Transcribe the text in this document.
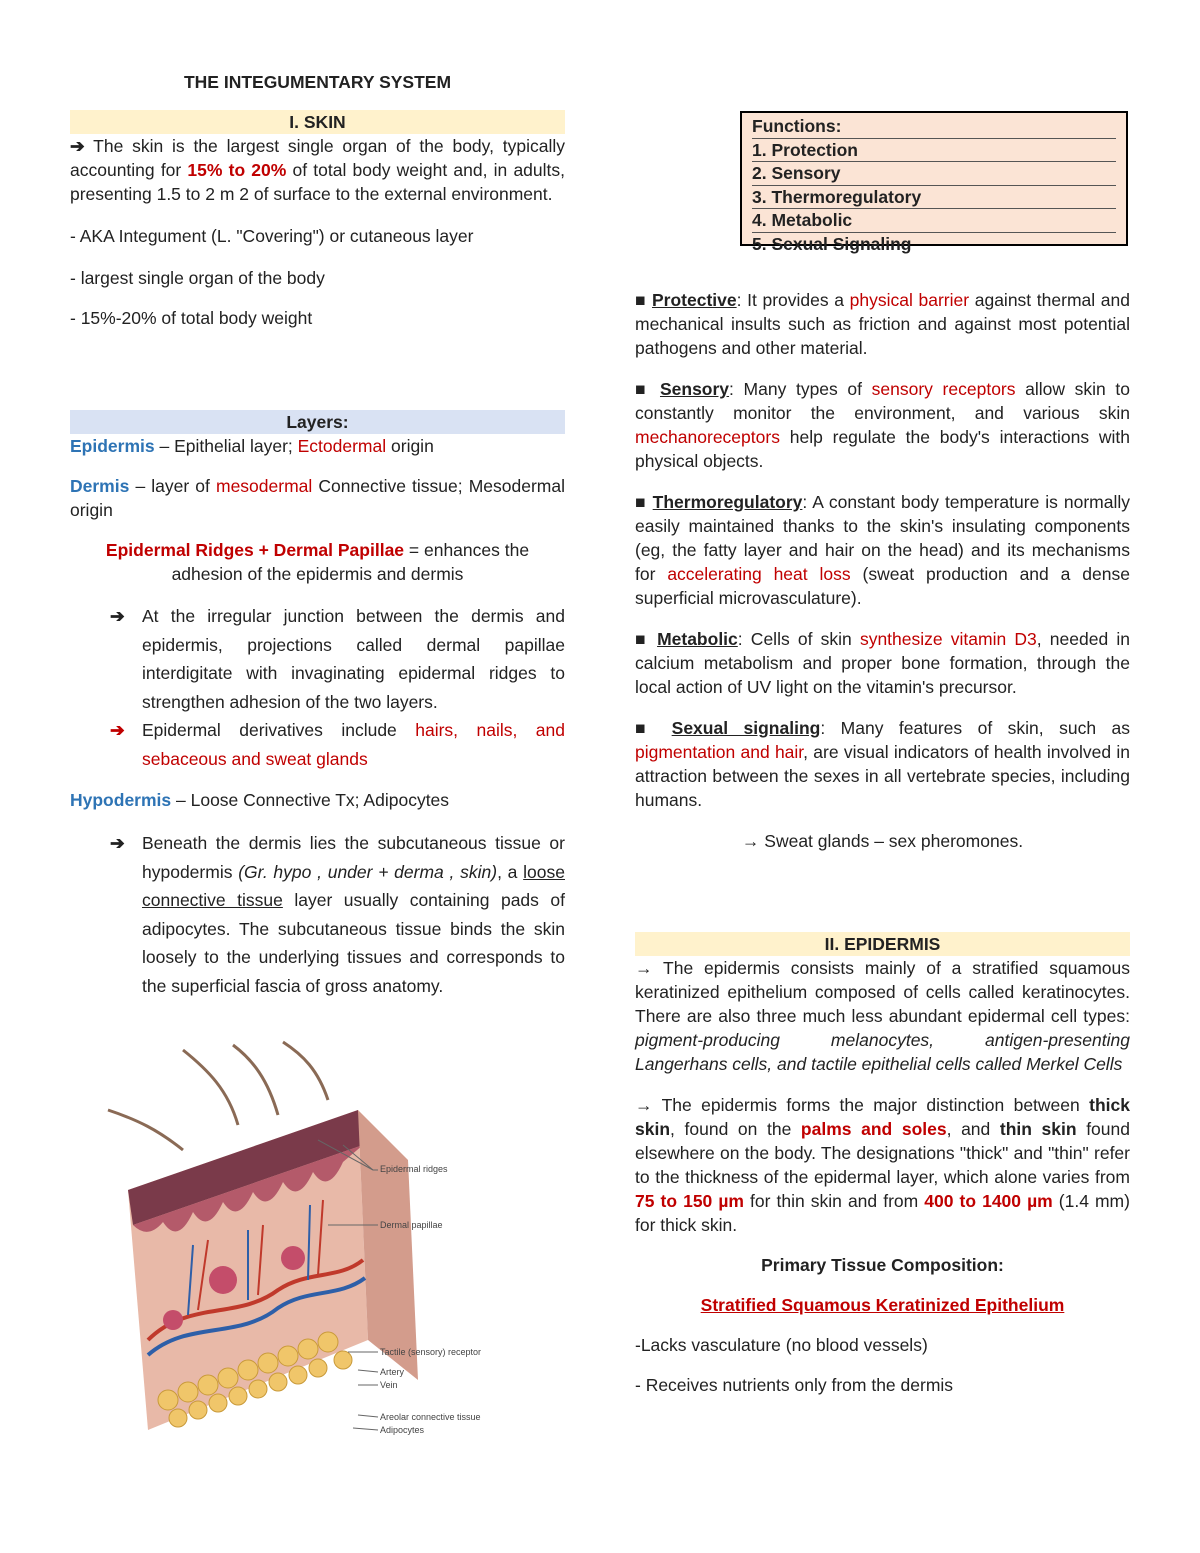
THE INTEGUMENTARY SYSTEM
I. SKIN

➔ The skin is the largest single organ of the body, typically accounting for 15% to 20% of total body weight and, in adults, presenting 1.5 to 2 m 2 of surface to the external environment.

- AKA Integument (L. "Covering") or cutaneous layer

- largest single organ of the body

- 15%-20% of total body weight

Layers:

Epidermis – Epithelial layer; Ectodermal origin

Dermis – layer of mesodermal Connective tissue; Mesodermal origin

Epidermal Ridges + Dermal Papillae = enhances the adhesion of the epidermis and dermis

➔ At the irregular junction between the dermis and epidermis, projections called dermal papillae interdigitate with invaginating epidermal ridges to strengthen adhesion of the two layers.
➔ Epidermal derivatives include hairs, nails, and sebaceous and sweat glands
Hypodermis – Loose Connective Tx; Adipocytes
➔ Beneath the dermis lies the subcutaneous tissue or hypodermis (Gr. hypo , under + derma , skin), a loose connective tissue layer usually containing pads of adipocytes. The subcutaneous tissue binds the skin loosely to the underlying tissues and corresponds to the superficial fascia of gross anatomy.
Epidermal ridges
Dermal papillae
Tactile (sensory) receptor
Artery
Vein
Areolar connective tissue
Adipocytes
Functions:
1. Protection
2. Sensory
3. Thermoregulatory
4. Metabolic
5. Sexual Signaling

■ Protective: It provides a physical barrier against thermal and mechanical insults such as friction and against most potential pathogens and other material.

■ Sensory: Many types of sensory receptors allow skin to constantly monitor the environment, and various skin mechanoreceptors help regulate the body's interactions with physical objects.

■ Thermoregulatory: A constant body temperature is normally easily maintained thanks to the skin's insulating components (eg, the fatty layer and hair on the head) and its mechanisms for accelerating heat loss (sweat production and a dense superficial microvasculature).

■ Metabolic: Cells of skin synthesize vitamin D3, needed in calcium metabolism and proper bone formation, through the local action of UV light on the vitamin's precursor.

■ Sexual signaling: Many features of skin, such as pigmentation and hair, are visual indicators of health involved in attraction between the sexes in all vertebrate species, including humans.

→ Sweat glands – sex pheromones.

II. EPIDERMIS

→ The epidermis consists mainly of a stratified squamous keratinized epithelium composed of cells called keratinocytes. There are also three much less abundant epidermal cell types: pigment-producing melanocytes, antigen-presenting Langerhans cells, and tactile epithelial cells called Merkel Cells

→ The epidermis forms the major distinction between thick skin, found on the palms and soles, and thin skin found elsewhere on the body. The designations "thick" and "thin" refer to the thickness of the epidermal layer, which alone varies from 75 to 150 µm for thin skin and from 400 to 1400 µm (1.4 mm) for thick skin.

Primary Tissue Composition:

Stratified Squamous Keratinized Epithelium

-Lacks vasculature (no blood vessels)

- Receives nutrients only from the dermis
